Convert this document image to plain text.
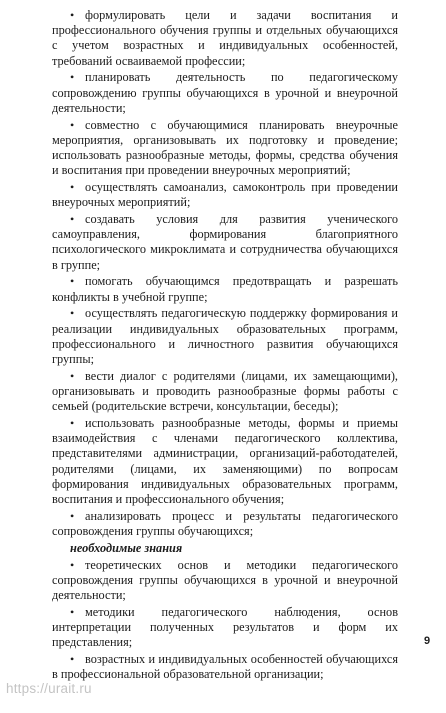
•формулировать цели и задачи воспитания и профессионального обучения группы и отдельных обучающихся с учетом возрастных и индивидуальных особенностей, требований осваиваемой профессии;

•планировать деятельность по педагогическому сопровождению группы обучающихся в урочной и внеурочной деятельности;

•совместно с обучающимися планировать внеурочные мероприятия, организовывать их подготовку и проведение; использовать разнообразные методы, формы, средства обучения и воспитания при проведении внеурочных мероприятий;

•осуществлять самоанализ, самоконтроль при проведении внеурочных мероприятий;

•создавать условия для развития ученического самоуправления, формирования благоприятного психологического микроклимата и сотрудничества обучающихся в группе;

•помогать обучающимся предотвращать и разрешать конфликты в учебной группе;

•осуществлять педагогическую поддержку формирования и реализации индивидуальных образовательных программ, профессионального и личностного развития обучающихся группы;

•вести диалог с родителями (лицами, их замещающими), организовывать и проводить разнообразные формы работы с семьей (родительские встречи, консультации, беседы);

•использовать разнообразные методы, формы и приемы взаимодействия с членами педагогического коллектива, представителями администрации, организаций-работодателей, родителями (лицами, их заменяющими) по вопросам формирования индивидуальных образовательных программ, воспитания и профессионального обучения;

•анализировать процесс и результаты педагогического сопровождения группы обучающихся;

необходимые знания

•теоретических основ и методики педагогического сопровождения группы обучающихся в урочной и внеурочной деятельности;

•методики педагогического наблюдения, основ интерпретации полученных результатов и форм их представления;

•возрастных и индивидуальных особенностей обучающихся в профессиональной образовательной организации;

9
https://urait.ru
